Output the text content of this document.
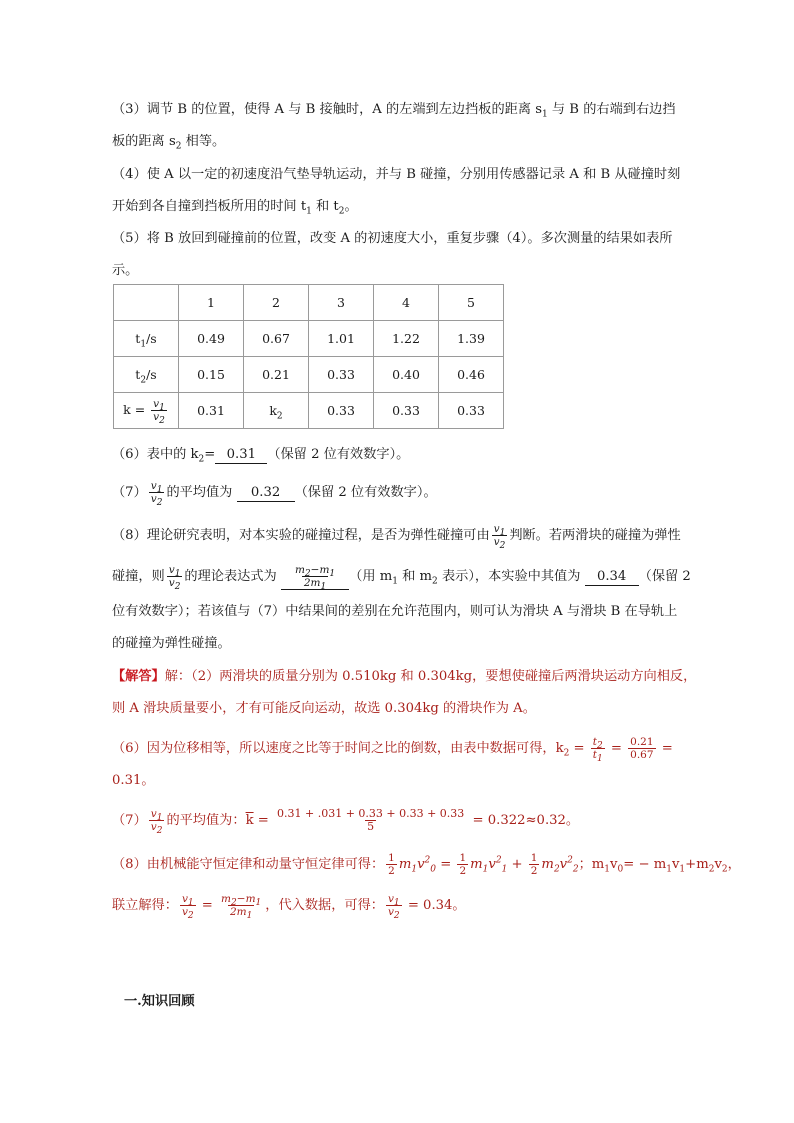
（3）调节 B 的位置，使得 A 与 B 接触时，A 的左端到左边挡板的距离 $s_1$ 与 B 的右端到右边挡
板的距离 $s_2$ 相等。
（4）使 A 以一定的初速度沿气垫导轨运动，并与 B 碰撞，分别用传感器记录 A 和 B 从碰撞时刻
开始到各自撞到挡板所用的时间 $t_1$ 和 $t_2$。
（5）将 B 放回到碰撞前的位置，改变 A 的初速度大小，重复步骤（4）。多次测量的结果如表所
示。
	1	2	3	4	5
$t_1/s$	0.49	0.67	1.01	1.22	1.39
$t_2/s$	0.15	0.21	0.33	0.40	0.46
$k = \frac{v_1}{v_2}$	0.31	$k_2$	0.33	0.33	0.33
（6）表中的 $k_2= 0.31$ （保留 2 位有效数字）。
$(7) \frac{v_1}{v_2}$ 的平均值为 0.32 （保留 2 位有效数字）。
（8）理论研究表明，对本实验的碰撞过程，是否为弹性碰撞可由 $\frac{v_1}{v_2}$ 判断。若两滑块的碰撞为弹性
碰撞，则 $\frac{v_1}{v_2}$ 的理论表达式为 $\frac{m_2-m_1}{2m_1}$ （用 $m_1$ 和 $m_2$ 表示），本实验中其值为 0.34 （保留 2
位有效数字）；若该值与（7）中结果间的差别在允许范围内，则可认为滑块 A 与滑块 B 在导轨上
的碰撞为弹性碰撞。
【解答】解：（2）两滑块的质量分别为 0.510kg 和 0.304kg，要想使碰撞后两滑块运动方向相反，
则 A 滑块质量要小，才有可能反向运动，故选 0.304kg 的滑块作为 A。
（6）因为位移相等，所以速度之比等于时间之比的倒数，由表中数据可得，$k_2 = \frac{t_2}{t_1} = \frac{0.21}{0.67}$ =
0.31。
$(7) \frac{v_1}{v_2}$ 的平均值为：$\overline{k} = \frac{0.31 + .031 + 0.33 + 0.33 + 0.33}{5} = 0.322\approx 0.32$。
（8）由机械能守恒定律和动量守恒定律可得： $\frac{1}{2} m_1v^2_0 = \frac{1}{2} m_1v^2_1 + \frac{1}{2} m_2v^2_2$；$m_1v_0= - m_1v_1+m_2v_2$，
联立解得： $\frac{v_1}{v_2} = \frac{m_2-m_1}{2m_1}$ ，代入数据，可得： $\frac{v_1}{v_2} = 0.34$。
一.知识回顾
